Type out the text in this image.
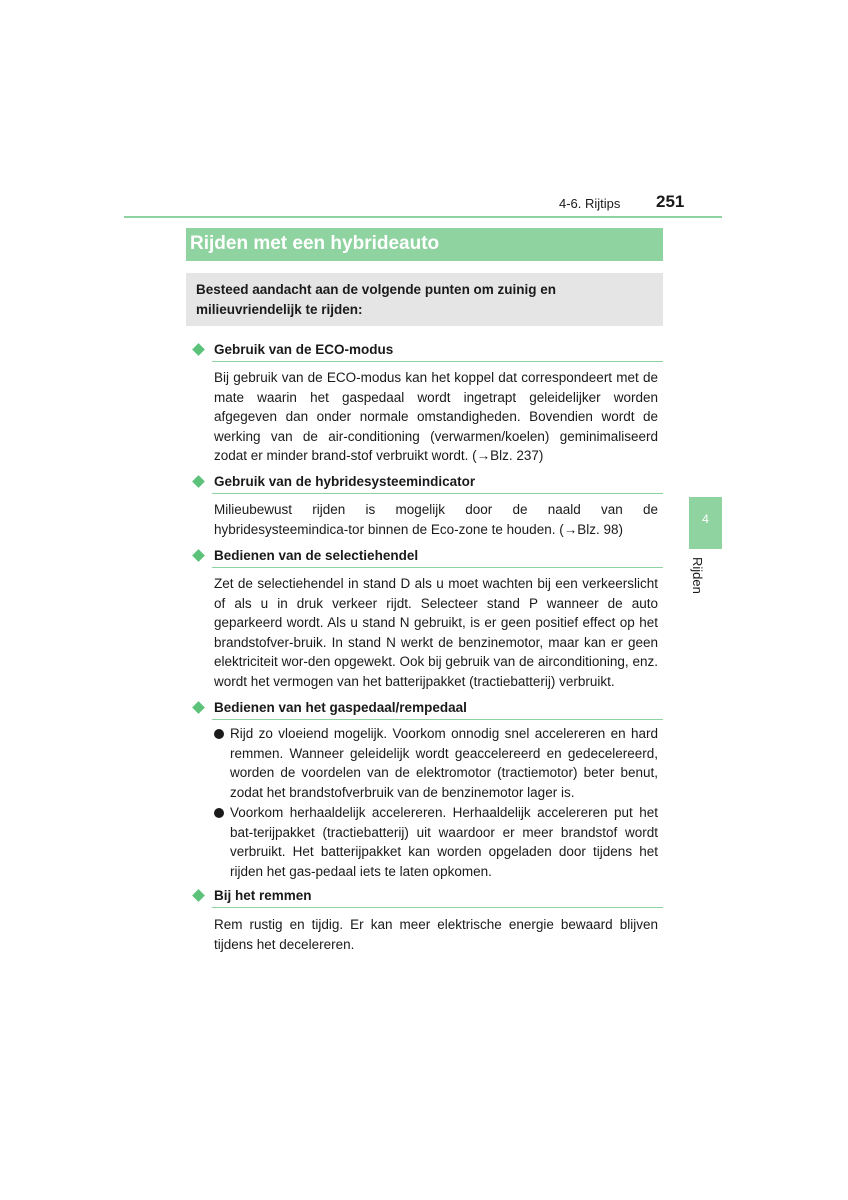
4-6. Rijtips 251
4
Rijden
Rijden met een hybrideauto
Besteed aandacht aan de volgende punten om zuinig en milieuvriendelijk te rijden:
Gebruik van de ECO-modus
Bij gebruik van de ECO-modus kan het koppel dat correspondeert met de mate waarin het gaspedaal wordt ingetrapt geleidelijker worden afgegeven dan onder normale omstandigheden. Bovendien wordt de werking van de air-conditioning (verwarmen/koelen) geminimaliseerd zodat er minder brand-stof verbruikt wordt. (→Blz. 237)
Gebruik van de hybridesysteemindicator
Milieubewust rijden is mogelijk door de naald van de hybridesysteemindica-tor binnen de Eco-zone te houden. (→Blz. 98)
Bedienen van de selectiehendel
Zet de selectiehendel in stand D als u moet wachten bij een verkeerslicht of als u in druk verkeer rijdt. Selecteer stand P wanneer de auto geparkeerd wordt. Als u stand N gebruikt, is er geen positief effect op het brandstofver-bruik. In stand N werkt de benzinemotor, maar kan er geen elektriciteit wor-den opgewekt. Ook bij gebruik van de airconditioning, enz. wordt het vermogen van het batterijpakket (tractiebatterij) verbruikt.
Bedienen van het gaspedaal/rempedaal
Rijd zo vloeiend mogelijk. Voorkom onnodig snel accelereren en hard remmen. Wanneer geleidelijk wordt geaccelereerd en gedecelereerd, worden de voordelen van de elektromotor (tractiemotor) beter benut, zodat het brandstofverbruik van de benzinemotor lager is.
Voorkom herhaaldelijk accelereren. Herhaaldelijk accelereren put het bat-terijpakket (tractiebatterij) uit waardoor er meer brandstof wordt verbruikt. Het batterijpakket kan worden opgeladen door tijdens het rijden het gas-pedaal iets te laten opkomen.
Bij het remmen
Rem rustig en tijdig. Er kan meer elektrische energie bewaard blijven tijdens het decelereren.
